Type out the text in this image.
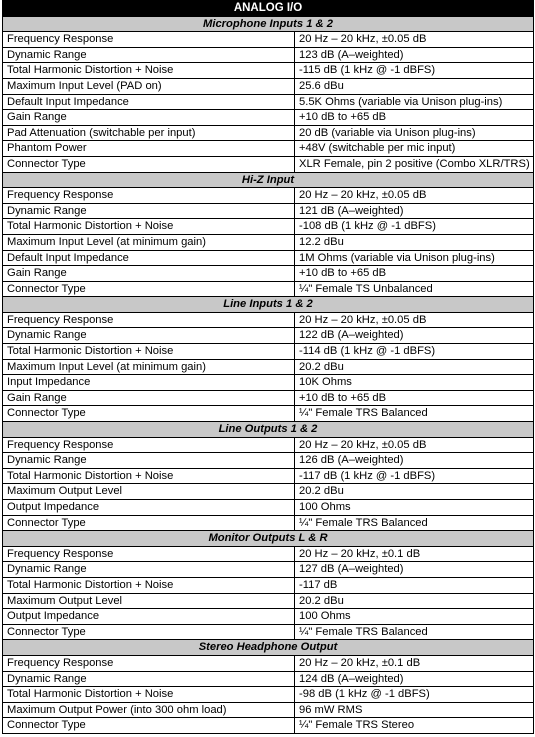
ANALOG I/O	
Microphone Inputs 1 & 2	
Frequency Response	20 Hz – 20 kHz, ±0.05 dB
Dynamic Range	123 dB (A–weighted)
Total Harmonic Distortion + Noise	-115 dB (1 kHz @ -1 dBFS)
Maximum Input Level (PAD on)	25.6 dBu
Default Input Impedance	5.5K Ohms (variable via Unison plug-ins)
Gain Range	+10 dB to +65 dB
Pad Attenuation (switchable per input)	20 dB (variable via Unison plug-ins)
Phantom Power	+48V (switchable per mic input)
Connector Type	XLR Female, pin 2 positive (Combo XLR/TRS)
Hi-Z Input	
Frequency Response	20 Hz – 20 kHz, ±0.05 dB
Dynamic Range	121 dB (A–weighted)
Total Harmonic Distortion + Noise	-108 dB (1 kHz @ -1 dBFS)
Maximum Input Level (at minimum gain)	12.2 dBu
Default Input Impedance	1M Ohms (variable via Unison plug-ins)
Gain Range	+10 dB to +65 dB
Connector Type	¼" Female TS Unbalanced
Line Inputs 1 & 2	
Frequency Response	20 Hz – 20 kHz, ±0.05 dB
Dynamic Range	122 dB (A–weighted)
Total Harmonic Distortion + Noise	-114 dB (1 kHz @ -1 dBFS)
Maximum Input Level (at minimum gain)	20.2 dBu
Input Impedance	10K Ohms
Gain Range	+10 dB to +65 dB
Connector Type	¼" Female TRS Balanced
Line Outputs 1 & 2	
Frequency Response	20 Hz – 20 kHz, ±0.05 dB
Dynamic Range	126 dB (A–weighted)
Total Harmonic Distortion + Noise	-117 dB (1 kHz @ -1 dBFS)
Maximum Output Level	20.2 dBu
Output Impedance	100 Ohms
Connector Type	¼" Female TRS Balanced
Monitor Outputs L & R	
Frequency Response	20 Hz – 20 kHz, ±0.1 dB
Dynamic Range	127 dB (A–weighted)
Total Harmonic Distortion + Noise	-117 dB
Maximum Output Level	20.2 dBu
Output Impedance	100 Ohms
Connector Type	¼" Female TRS Balanced
Stereo Headphone Output	
Frequency Response	20 Hz – 20 kHz, ±0.1 dB
Dynamic Range	124 dB (A–weighted)
Total Harmonic Distortion + Noise	-98 dB (1 kHz @ -1 dBFS)
Maximum Output Power (into 300 ohm load)	96 mW RMS
Connector Type	¼" Female TRS Stereo
